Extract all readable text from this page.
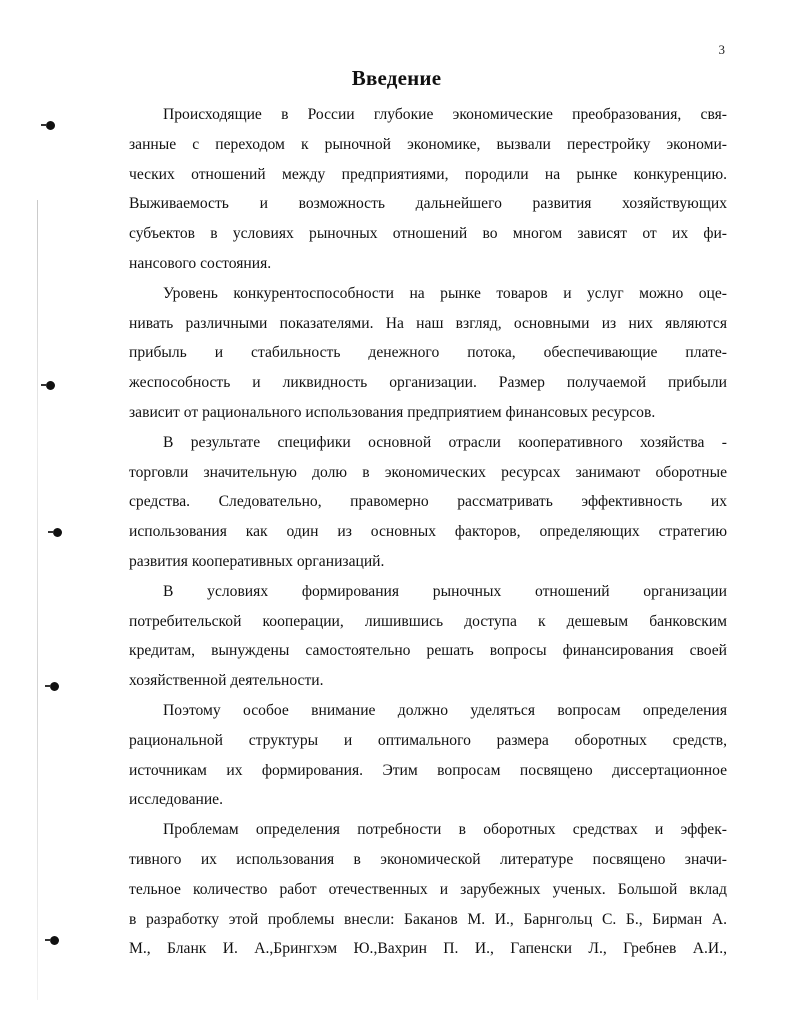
3
Введение
Происходящие в России глубокие экономические преобразования, свя-
занные с переходом к рыночной экономике, вызвали перестройку экономи-
ческих отношений между предприятиями, породили на рынке конкуренцию.
Выживаемость и возможность дальнейшего развития хозяйствующих
субъектов в условиях рыночных отношений во многом зависят от их фи-
нансового состояния.
Уровень конкурентоспособности на рынке товаров и услуг можно оце-
нивать различными показателями. На наш взгляд, основными из них являются
прибыль и стабильность денежного потока, обеспечивающие плате-
жеспособность и ликвидность организации. Размер получаемой прибыли
зависит от рационального использования предприятием финансовых ресурсов.
В результате специфики основной отрасли кооперативного хозяйства -
торговли значительную долю в экономических ресурсах занимают оборотные
средства. Следовательно, правомерно рассматривать эффективность их
использования как один из основных факторов, определяющих стратегию
развития кооперативных организаций.
В условиях формирования рыночных отношений организации
потребительской кооперации, лишившись доступа к дешевым банковским
кредитам, вынуждены самостоятельно решать вопросы финансирования своей
хозяйственной деятельности.
Поэтому особое внимание должно уделяться вопросам определения
рациональной структуры и оптимального размера оборотных средств,
источникам их формирования. Этим вопросам посвящено диссертационное
исследование.
Проблемам определения потребности в оборотных средствах и эффек-
тивного их использования в экономической литературе посвящено значи-
тельное количество работ отечественных и зарубежных ученых. Большой вклад
в разработку этой проблемы внесли: Баканов М. И., Барнгольц С. Б., Бирман А.
М., Бланк И. А.,Брингхэм Ю.,Вахрин П. И., Гапенски Л., Гребнев А.И.,
